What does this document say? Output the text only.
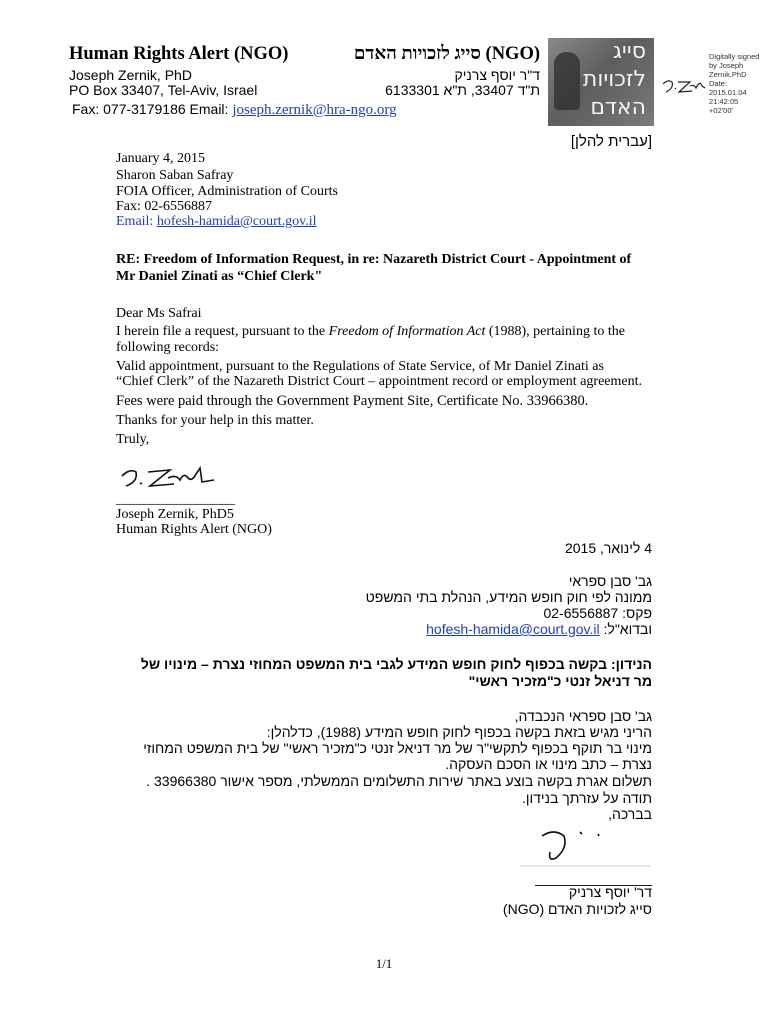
Human Rights Alert (NGO)	(NGO) סייג לזכויות האדם
Joseph Zernik, PhD	ד"ר יוסף צרניק
PO Box 33407, Tel-Aviv, Israel	ת"ד 33407, ת"א 6133301
Fax: 077-3179186 Email: joseph.zernik@hra-ngo.org
סייג
לזכויות
האדם
Digitally signed
by Joseph
Zernik,PhD
Date:
2015.01.04
21:42:05
+02'00'
[עברית להלן]
January 4, 2015
Sharon Saban Safray
FOIA Officer, Administration of Courts
Fax: 02-6556887
Email: hofesh-hamida@court.gov.il
RE: Freedom of Information Request, in re: Nazareth District Court - Appointment of
Mr Daniel Zinati as “Chief Clerk"
Dear Ms Safrai
I herein file a request, pursuant to the Freedom of Information Act (1988), pertaining to the
following records:
Valid appointment, pursuant to the Regulations of State Service, of Mr Daniel Zinati as
“Chief Clerk” of the Nazareth District Court – appointment record or employment agreement.
Fees were paid through the Government Payment Site, Certificate No. 33966380.
Thanks for your help in this matter.
Truly,
_________________
Joseph Zernik, PhD5
Human Rights Alert (NGO)
4 לינואר, 2015
גב' סבן ספראי
ממונה לפי חוק חופש המידע, הנהלת בתי המשפט
פקס: 02-6556887
ובדוא"ל: hofesh-hamida@court.gov.il
הנידון: בקשה בכפוף לחוק חופש המידע לגבי בית המשפט המחוזי נצרת – מינויו של
מר דניאל זנטי כ"מזכיר ראשי"
גב' סבן ספראי הנכבדה,
הריני מגיש בזאת בקשה בכפוף לחוק חופש המידע (1988), כדלהלן:
מינוי בר תוקף בכפוף לתקשי"ר של מר דניאל זנטי כ"מזכיר ראשי" של בית המשפט המחוזי
נצרת – כתב מינוי או הסכם העסקה.
תשלום אגרת בקשה בוצע באתר שירות התשלומים הממשלתי, מספר אישור 33966380 .
תודה על עזרתך בנידון.
בברכה,
_______________
דר' יוסף צרניק
סייג לזכויות האדם (NGO)
1/1
